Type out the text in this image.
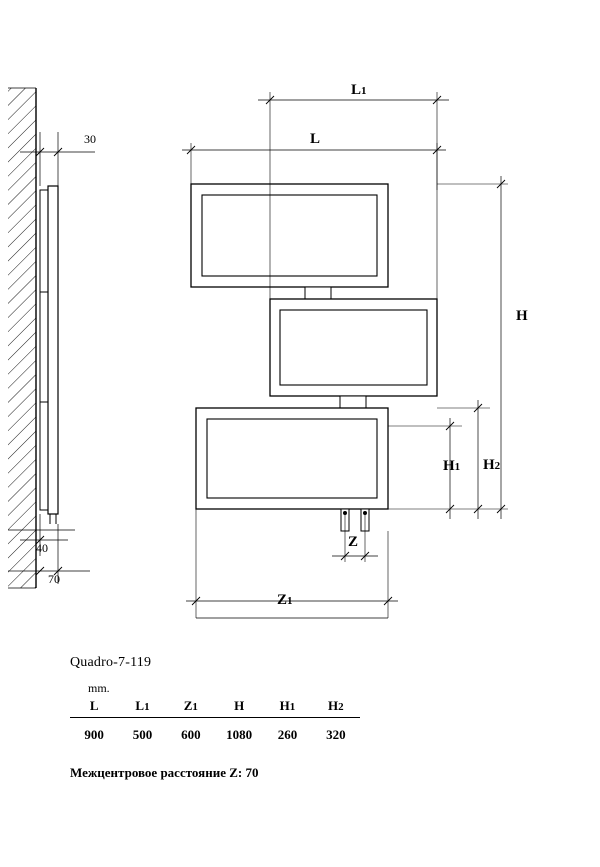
30
40
70
L1
L
H
H1 H2
Z
Z1
Quadro-7-119
mm.
L	L1	Z1	H	H1	H2
900	500	600	1080	260	320
Межцентровое расстояние Z: 70
